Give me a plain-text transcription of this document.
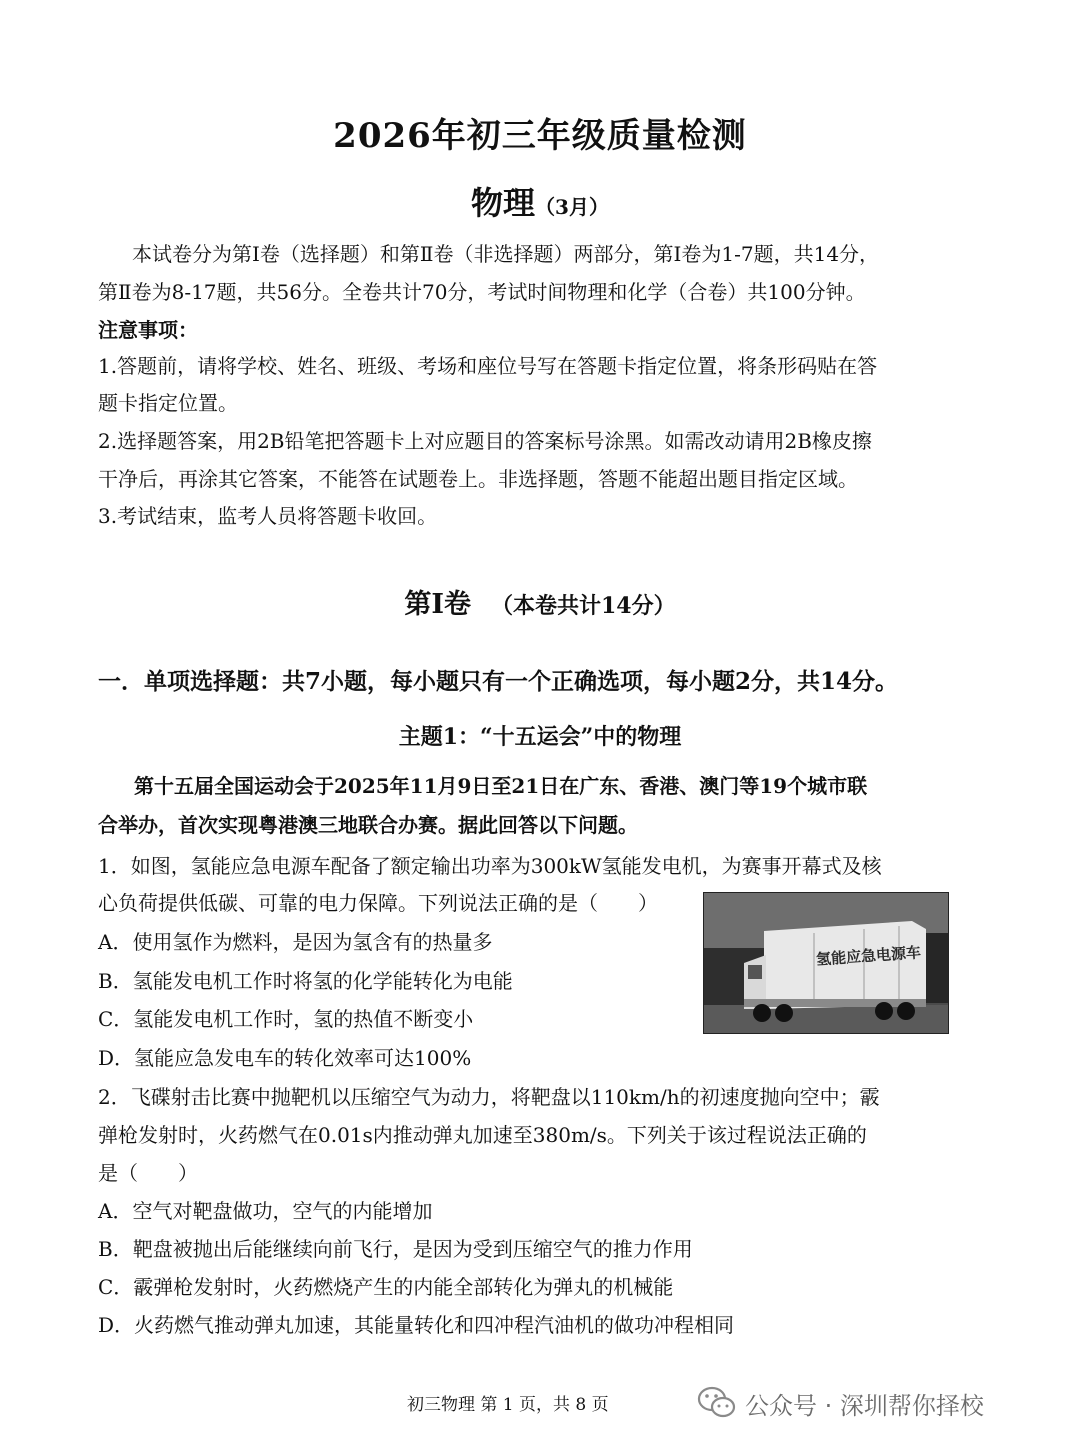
2026年初三年级质量检测
物理（3月）
本试卷分为第Ⅰ卷（选择题）和第Ⅱ卷（非选择题）两部分，第Ⅰ卷为1-7题，共14分，
第Ⅱ卷为8-17题，共56分。全卷共计70分，考试时间物理和化学（合卷）共100分钟。
注意事项：
1.答题前，请将学校、姓名、班级、考场和座位号写在答题卡指定位置，将条形码贴在答
题卡指定位置。
2.选择题答案，用2B铅笔把答题卡上对应题目的答案标号涂黑。如需改动请用2B橡皮擦
干净后，再涂其它答案，不能答在试题卷上。非选择题，答题不能超出题目指定区域。
3.考试结束，监考人员将答题卡收回。
第Ⅰ卷 （本卷共计14分）
一．单项选择题：共7小题，每小题只有一个正确选项，每小题2分，共14分。
主题1：“十五运会”中的物理
第十五届全国运动会于2025年11月9日至21日在广东、香港、澳门等19个城市联
合举办，首次实现粤港澳三地联合办赛。据此回答以下问题。
1．如图，氢能应急电源车配备了额定输出功率为300kW氢能发电机，为赛事开幕式及核
心负荷提供低碳、可靠的电力保障。下列说法正确的是（　　）
A．使用氢作为燃料，是因为氢含有的热量多
B．氢能发电机工作时将氢的化学能转化为电能
C．氢能发电机工作时，氢的热值不断变小
D．氢能应急发电车的转化效率可达100%
氢能应急电源车
2．飞碟射击比赛中抛靶机以压缩空气为动力，将靶盘以110km/h的初速度抛向空中；霰
弹枪发射时，火药燃气在0.01s内推动弹丸加速至380m/s。下列关于该过程说法正确的
是（　　）
A．空气对靶盘做功，空气的内能增加
B．靶盘被抛出后能继续向前飞行，是因为受到压缩空气的推力作用
C．霰弹枪发射时，火药燃烧产生的内能全部转化为弹丸的机械能
D．火药燃气推动弹丸加速，其能量转化和四冲程汽油机的做功冲程相同
初三物理 第 1 页，共 8 页	公众号 · 深圳帮你择校
